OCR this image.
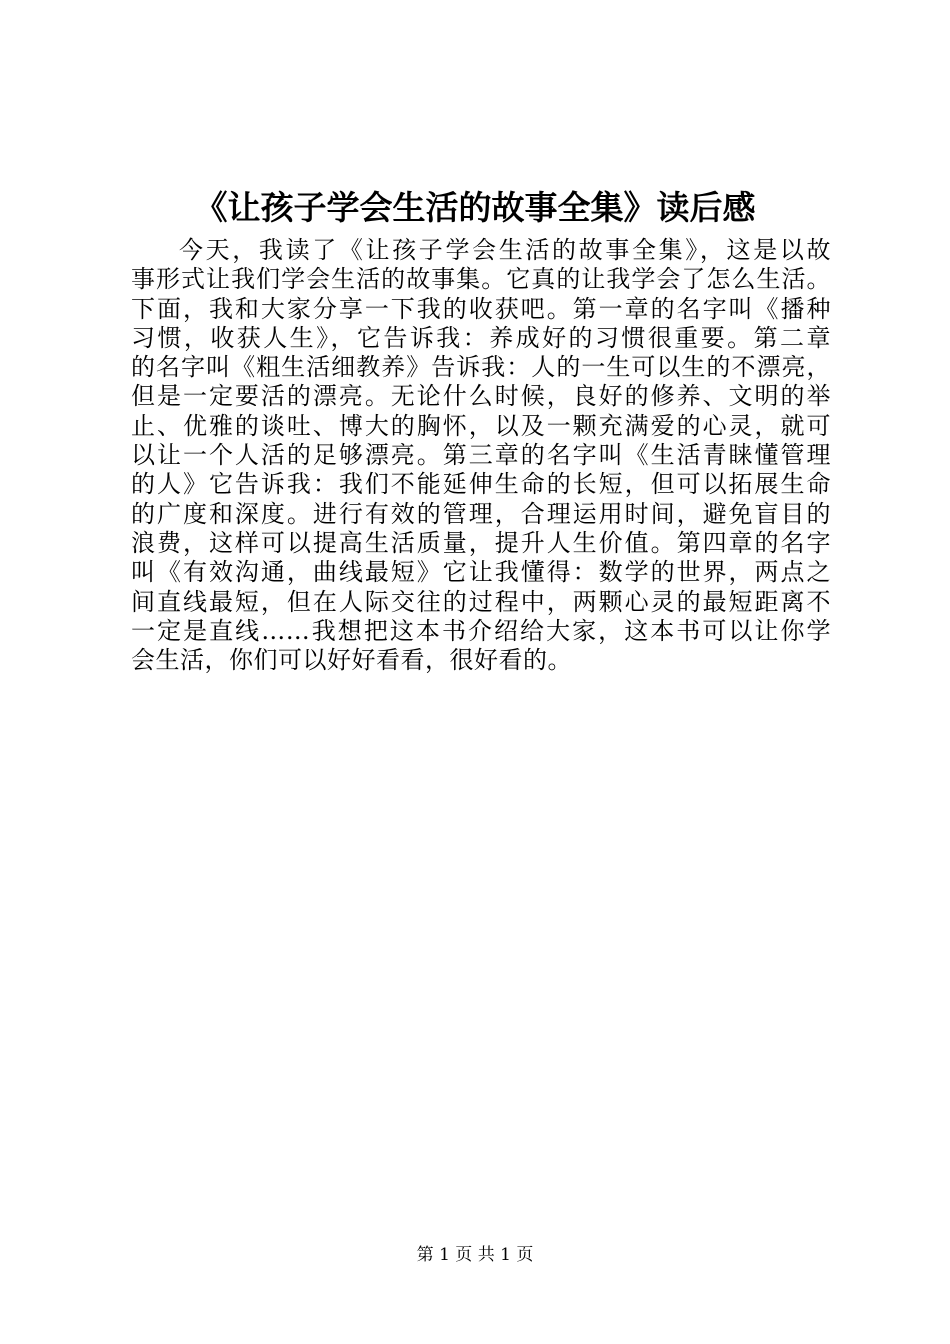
《让孩子学会生活的故事全集》读后感
今天，我读了《让孩子学会生活的故事全集》，这是以故
事形式让我们学会生活的故事集。它真的让我学会了怎么生活。
下面，我和大家分享一下我的收获吧。第一章的名字叫《播种
习惯，收获人生》，它告诉我：养成好的习惯很重要。第二章
的名字叫《粗生活细教养》告诉我：人的一生可以生的不漂亮，
但是一定要活的漂亮。无论什么时候，良好的修养、文明的举
止、优雅的谈吐、博大的胸怀，以及一颗充满爱的心灵，就可
以让一个人活的足够漂亮。第三章的名字叫《生活青睐懂管理
的人》它告诉我：我们不能延伸生命的长短，但可以拓展生命
的广度和深度。进行有效的管理，合理运用时间，避免盲目的
浪费，这样可以提高生活质量，提升人生价值。第四章的名字
叫《有效沟通，曲线最短》它让我懂得：数学的世界，两点之
间直线最短，但在人际交往的过程中，两颗心灵的最短距离不
一定是直线……我想把这本书介绍给大家，这本书可以让你学
会生活，你们可以好好看看，很好看的。
第 1 页 共 1 页
